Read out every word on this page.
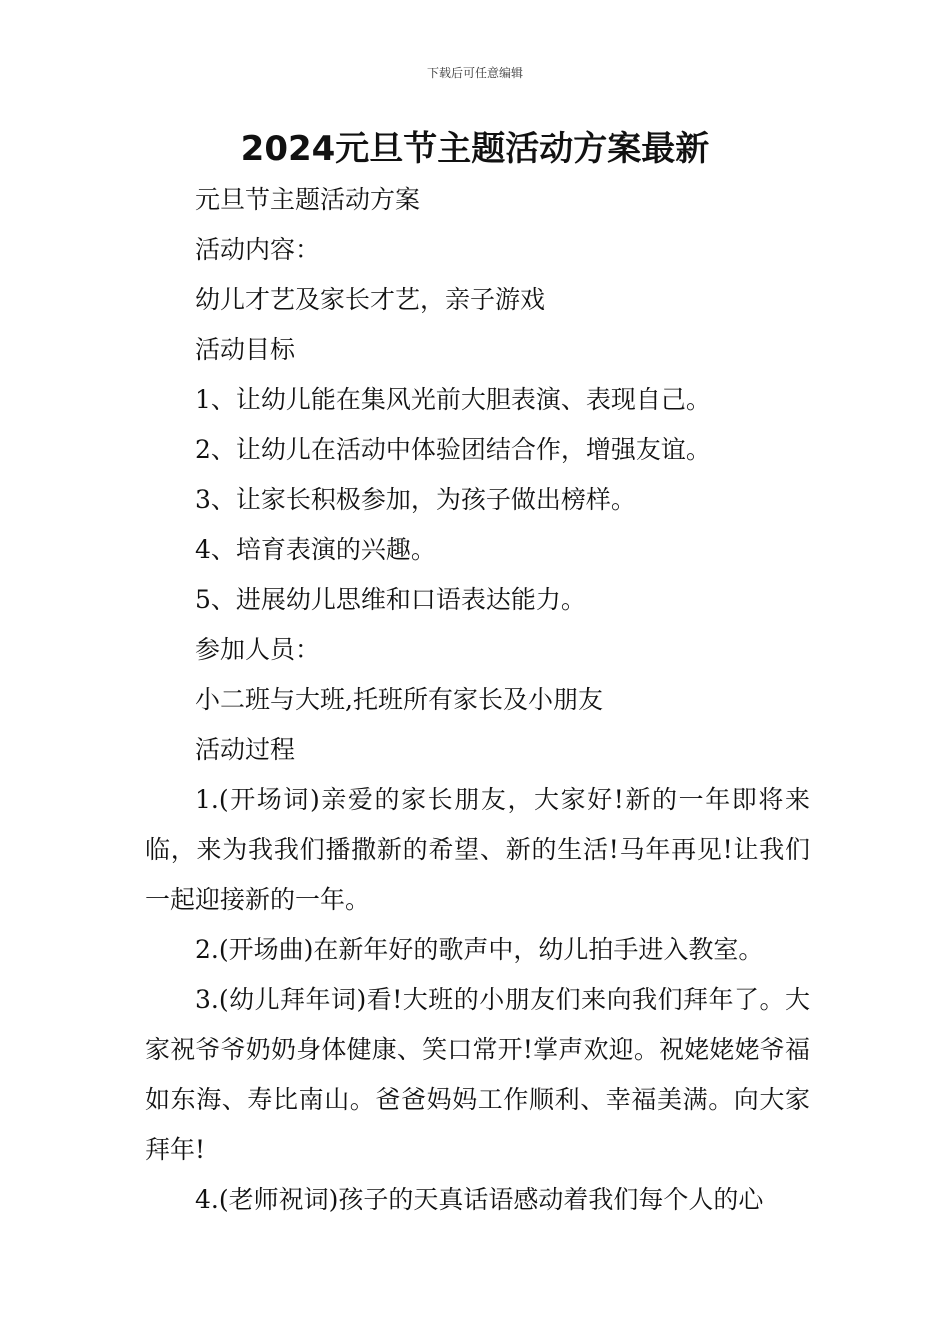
下载后可任意编辑
2024元旦节主题活动方案最新
元旦节主题活动方案
活动内容：
幼儿才艺及家长才艺，亲子游戏
活动目标
1、让幼儿能在集风光前大胆表演、表现自己。
2、让幼儿在活动中体验团结合作，增强友谊。
3、让家长积极参加，为孩子做出榜样。
4、培育表演的兴趣。
5、进展幼儿思维和口语表达能力。
参加人员：
小二班与大班,托班所有家长及小朋友
活动过程

1.(开场词)亲爱的家长朋友，大家好!新的一年即将来临，来为我我们播撒新的希望、新的生活!马年再见!让我们一起迎接新的一年。

2.(开场曲)在新年好的歌声中，幼儿拍手进入教室。

3.(幼儿拜年词)看!大班的小朋友们来向我们拜年了。大家祝爷爷奶奶身体健康、笑口常开!掌声欢迎。祝姥姥姥爷福如东海、寿比南山。爸爸妈妈工作顺利、幸福美满。向大家拜年!

4.(老师祝词)孩子的天真话语感动着我们每个人的心
